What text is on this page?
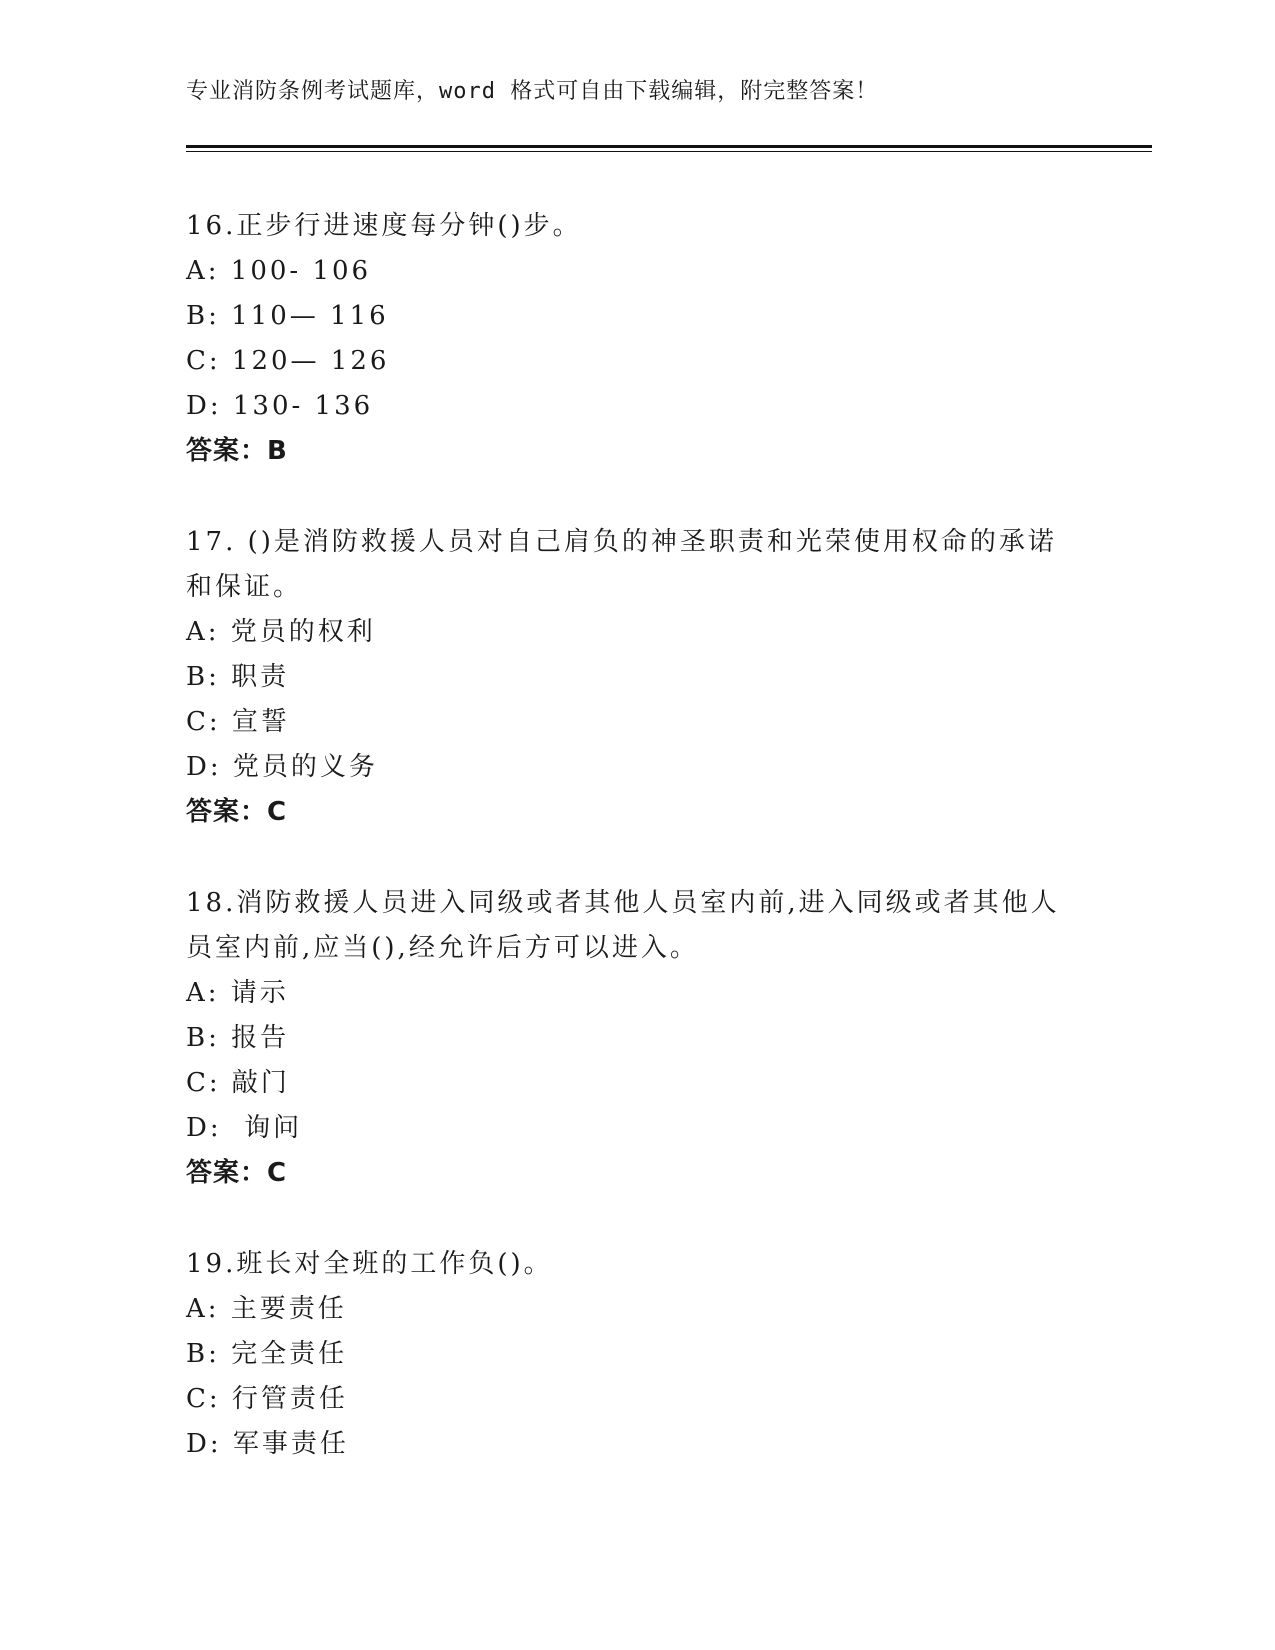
专业消防条例考试题库，word 格式可自由下载编辑，附完整答案！

16.正步行进速度每分钟()步。

A: 100- 106

B: 110— 116

C: 120— 126

D: 130- 136

答案：B

17. ()是消防救援人员对自己肩负的神圣职责和光荣使用权命的承诺和保证。

A: 党员的权利

B: 职责

C: 宣誓

D: 党员的义务

答案：C

18.消防救援人员进入同级或者其他人员室内前,进入同级或者其他人员室内前,应当(),经允许后方可以进入。

A: 请示

B: 报告

C: 敲门

D:  询问

答案：C

19.班长对全班的工作负()。

A: 主要责任

B: 完全责任

C: 行管责任

D: 军事责任
